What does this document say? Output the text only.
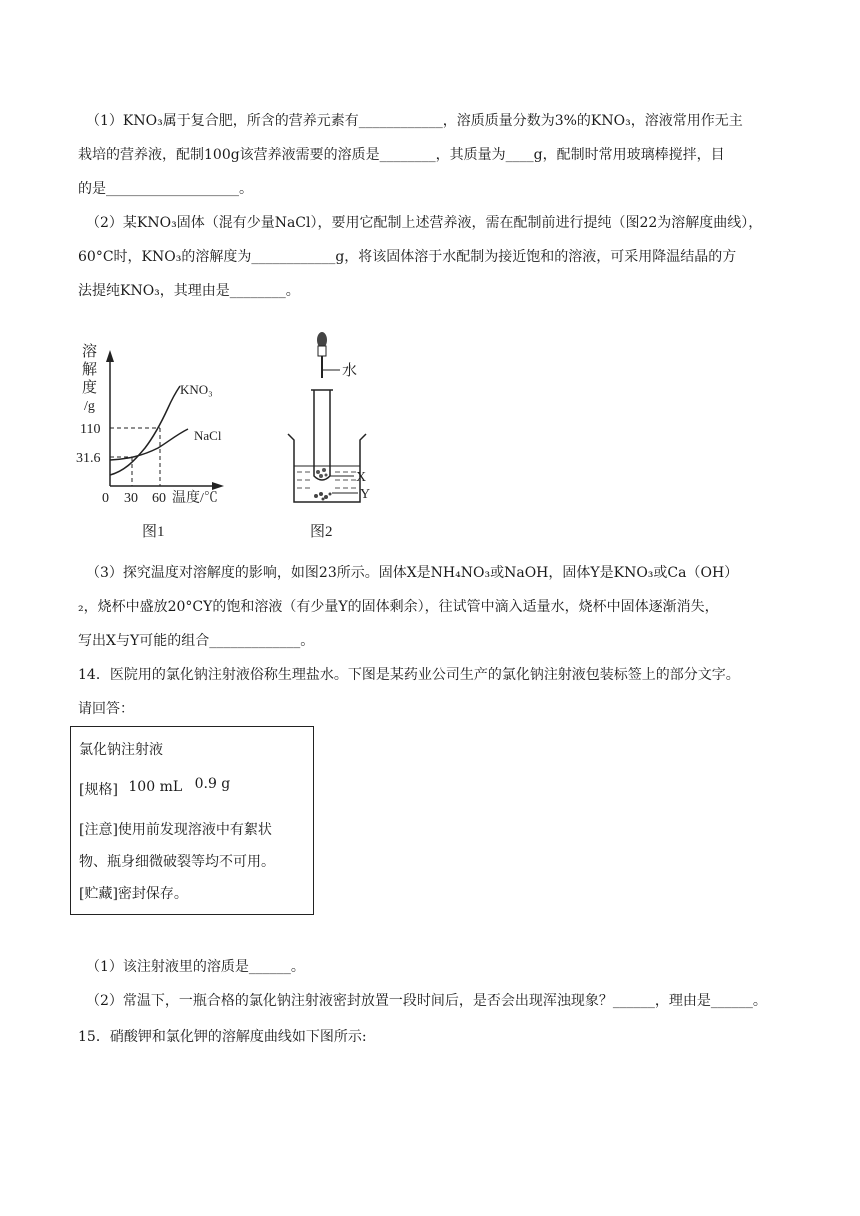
（1）KNO₃属于复合肥，所含的营养元素有____________，溶质质量分数为3%的KNO₃，溶液常用作无主
栽培的营养液，配制100g该营养液需要的溶质是________，其质量为____g，配制时常用玻璃棒搅拌，目
的是___________________。
（2）某KNO₃固体（混有少量NaCl），要用它配制上述营养液，需在配制前进行提纯（图22为溶解度曲线），
60°C时，KNO₃的溶解度为____________g，将该固体溶于水配制为接近饱和的溶液，可采用降温结晶的方
法提纯KNO₃，其理由是________。
溶
解
度
/g
KNO₃
NaCl
110
31.6
0 30 60 温度/℃
图1
水
X
Y
图2
（3）探究温度对溶解度的影响，如图23所示。固体X是NH₄NO₃或NaOH，固体Y是KNO₃或Ca（OH）
₂，烧杯中盛放20°CY的饱和溶液（有少量Y的固体剩余），往试管中滴入适量水，烧杯中固体逐渐消失，
写出X与Y可能的组合_____________。
14．医院用的氯化钠注射液俗称生理盐水。下图是某药业公司生产的氯化钠注射液包装标签上的部分文字。
请回答：
氯化钠注射液
[规格] 100 mL 0.9 g
[注意]使用前发现溶液中有絮状
物、瓶身细微破裂等均不可用。
[贮藏]密封保存。
（1）该注射液里的溶质是______。
（2）常温下，一瓶合格的氯化钠注射液密封放置一段时间后，是否会出现浑浊现象？______，理由是______。
15．硝酸钾和氯化钾的溶解度曲线如下图所示:
